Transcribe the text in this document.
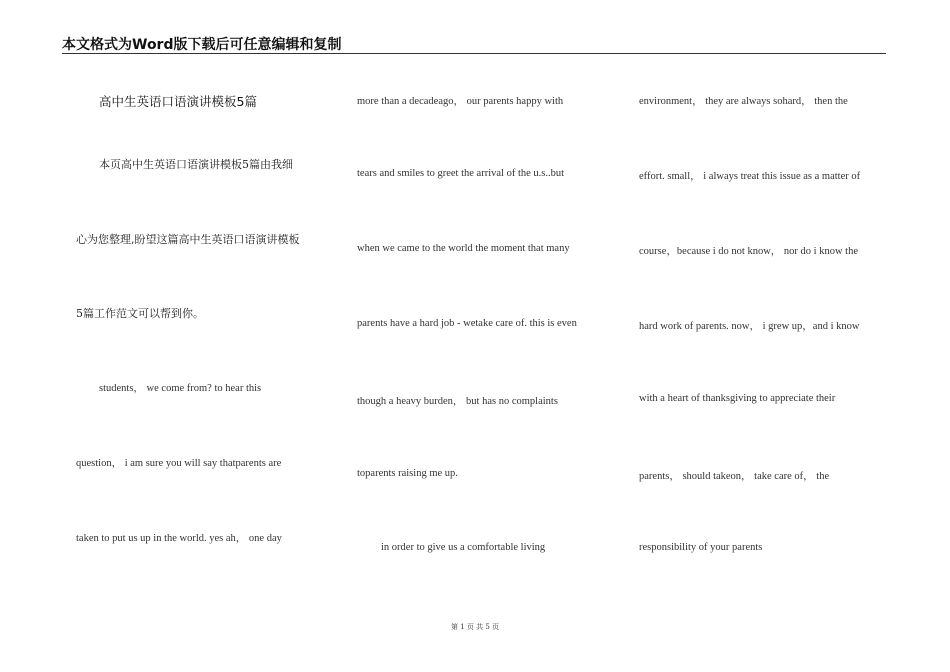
本文格式为Word版下载后可任意编辑和复制
高中生英语口语演讲模板5篇
本页高中生英语口语演讲模板5篇由我细
心为您整理,盼望这篇高中生英语口语演讲模板
5篇工作范文可以帮到你。
students， we come from? to hear this
question， i am sure you will say thatparents are
taken to put us up in the world. yes ah， one day
more than a decadeago， our parents happy with
tears and smiles to greet the arrival of the u.s..but
when we came to the world the moment that many
parents have a hard job - wetake care of. this is even
though a heavy burden， but has no complaints
toparents raising me up.
in order to give us a comfortable living
environment， they are always sohard， then the
effort. small， i always treat this issue as a matter of
course，because i do not know， nor do i know the
hard work of parents. now， i grew up，and i know
with a heart of thanksgiving to appreciate their
parents， should takeon， take care of， the
responsibility of your parents
第 1 页 共 5 页
